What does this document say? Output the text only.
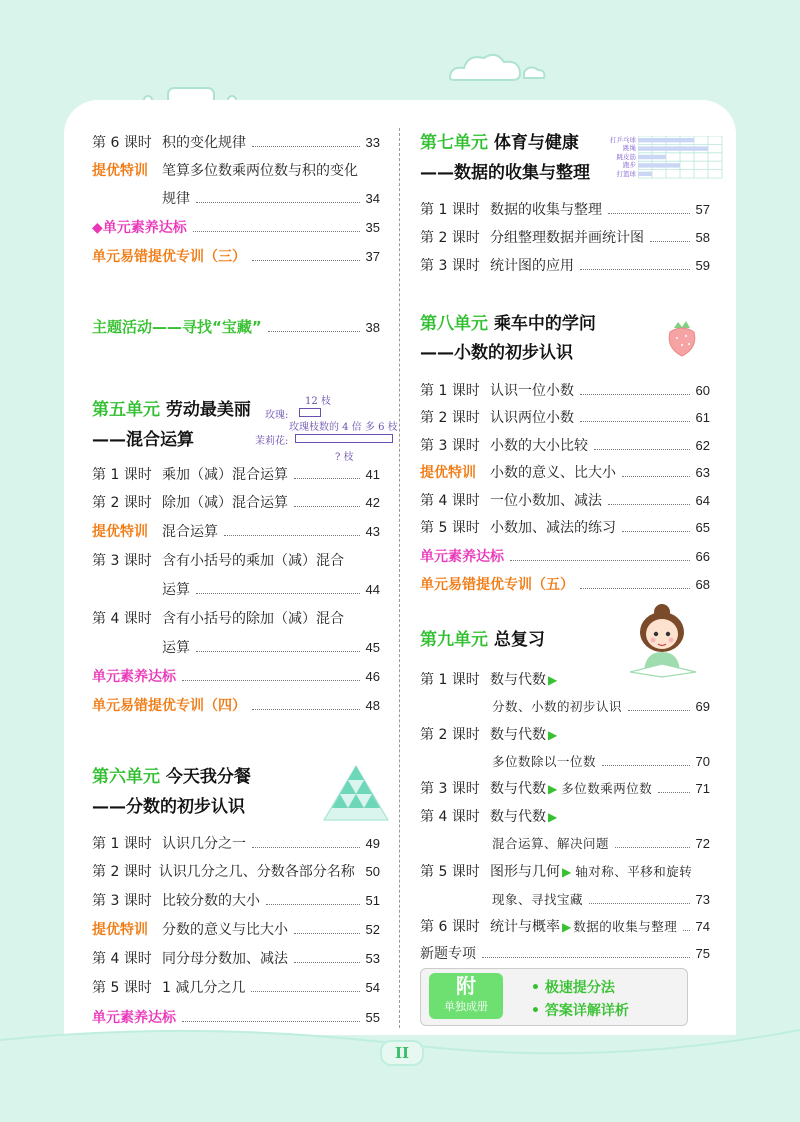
第 6 课时 积的变化规律	33
提优特训	笔算多位数乘两位数与积的变化
规律	34
◆单元素养达标	35
单元易错提优专训（三）	37
主题活动——寻找“宝藏”	38
第五单元 劳动最美丽
——混合运算
12 枝
玫瑰:
玫瑰枝数的 4 倍 多 6 枝
茉莉花:
? 枝
第 1 课时 乘加（减）混合运算	41
第 2 课时 除加（减）混合运算	42
提优特训	混合运算	43
第 3 课时 含有小括号的乘加（减）混合
运算	44
第 4 课时 含有小括号的除加（减）混合
运算	45
单元素养达标	46
单元易错提优专训（四）	48
第六单元 今天我分餐
——分数的初步认识
第 1 课时 认识几分之一	49
第 2 课时 认识几分之几、分数各部分名称 50
第 3 课时 比较分数的大小	51
提优特训	分数的意义与比大小	52
第 4 课时 同分母分数加、减法	53
第 5 课时 1 减几分之几	54
单元素养达标	55
第七单元 体育与健康
——数据的收集与整理
打乒乓球
跳绳
跳皮筋
跑步
打篮球
第 1 课时 数据的收集与整理	57
第 2 课时 分组整理数据并画统计图	58
第 3 课时 统计图的应用	59
第八单元 乘车中的学问
——小数的初步认识
第 1 课时 认识一位小数	60
第 2 课时 认识两位小数	61
第 3 课时 小数的大小比较	62
提优特训	小数的意义、比大小	63
第 4 课时 一位小数加、减法	64
第 5 课时 小数加、减法的练习	65
单元素养达标	66
单元易错提优专训（五）	68
第九单元 总复习
第 1 课时 数与代数 ▶
分数、小数的初步认识	69
第 2 课时 数与代数 ▶
多位数除以一位数	70
第 3 课时 数与代数 ▶ 多位数乘两位数	71
第 4 课时 数与代数 ▶
混合运算、解决问题	72
第 5 课时 图形与几何 ▶ 轴对称、平移和旋转
现象、寻找宝藏	73
第 6 课时 统计与概率 ▶ 数据的收集与整理 74
新题专项	75
附
单独成册
• 极速提分法
• 答案详解详析
II
